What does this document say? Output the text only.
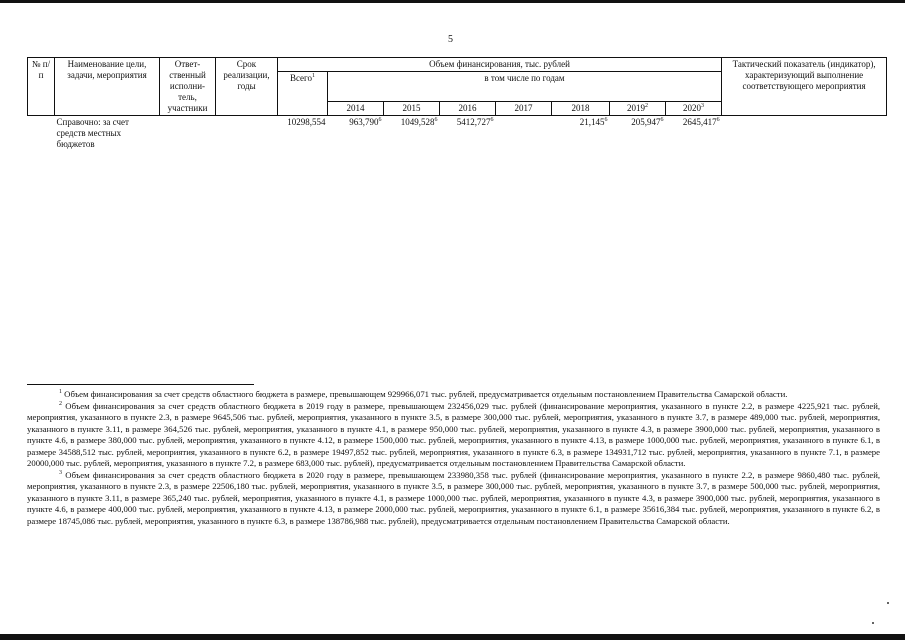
5
№ п/п	Наименование цели, задачи, мероприятия	Ответ-ственный исполни-тель, участники	Срок реализации, годы	Объем финансирования, тыс. рублей								Тактический показатель (индикатор), характеризующий выполнение соответствующего мероприятия
				Всего$^1$	в том числе по годам							
					2014	2015	2016	2017	2018	2019$^2$	2020$^3$
	Справочно: за счет средств местных бюджетов			10298,554	963,790$^6$	1049,528$^6$	5412,727$^6$		21,145$^6$	205,947$^6$	2645,417$^6$	

$^1$ Объем финансирования за счет средств областного бюджета в размере, превышающем 929966,071 тыс. рублей, предусматривается отдельным постановлением Правительства Самарской области.

$^2$ Объем финансирования за счет средств областного бюджета в 2019 году в размере, превышающем 232456,029 тыс. рублей (финансирование мероприятия, указанного в пункте 2.2, в размере 4225,921 тыс. рублей, мероприятия, указанного в пункте 2.3, в размере 9645,506 тыс. рублей, мероприятия, указанного в пункте 3.5, в размере 300,000 тыс. рублей, мероприятия, указанного в пункте 3.7, в размере 489,000 тыс. рублей, мероприятия, указанного в пункте 3.11, в размере 364,526 тыс. рублей, мероприятия, указанного в пункте 4.1, в размере 950,000 тыс. рублей, мероприятия, указанного в пункте 4.3, в размере 3900,000 тыс. рублей, мероприятия, указанного в пункте 4.6, в размере 380,000 тыс. рублей, мероприятия, указанного в пункте 4.12, в размере 1500,000 тыс. рублей, мероприятия, указанного в пункте 4.13, в размере 1000,000 тыс. рублей, мероприятия, указанного в пункте 6.1, в размере 34588,512 тыс. рублей, мероприятия, указанного в пункте 6.2, в размере 19497,852 тыс. рублей, мероприятия, указанного в пункте 6.3, в размере 134931,712 тыс. рублей, мероприятия, указанного в пункте 7.1, в размере 20000,000 тыс. рублей, мероприятия, указанного в пункте 7.2, в размере 683,000 тыс. рублей), предусматривается отдельным постановлением Правительства Самарской области.

$^3$ Объем финансирования за счет средств областного бюджета в 2020 году в размере, превышающем 233980,358 тыс. рублей (финансирование мероприятия, указанного в пункте 2.2, в размере 9860,480 тыс. рублей, мероприятия, указанного в пункте 2.3, в размере 22506,180 тыс. рублей, мероприятия, указанного в пункте 3.5, в размере 300,000 тыс. рублей, мероприятия, указанного в пункте 3.7, в размере 500,000 тыс. рублей, мероприятия, указанного в пункте 3.11, в размере 365,240 тыс. рублей, мероприятия, указанного в пункте 4.1, в размере 1000,000 тыс. рублей, мероприятия, указанного в пункте 4.3, в размере 3900,000 тыс. рублей, мероприятия, указанного в пункте 4.6, в размере 400,000 тыс. рублей, мероприятия, указанного в пункте 4.13, в размере 2000,000 тыс. рублей, мероприятия, указанного в пункте 6.1, в размере 35616,384 тыс. рублей, мероприятия, указанного в пункте 6.2, в размере 18745,086 тыс. рублей, мероприятия, указанного в пункте 6.3, в размере 138786,988 тыс. рублей), предусматривается отдельным постановлением Правительства Самарской области.
